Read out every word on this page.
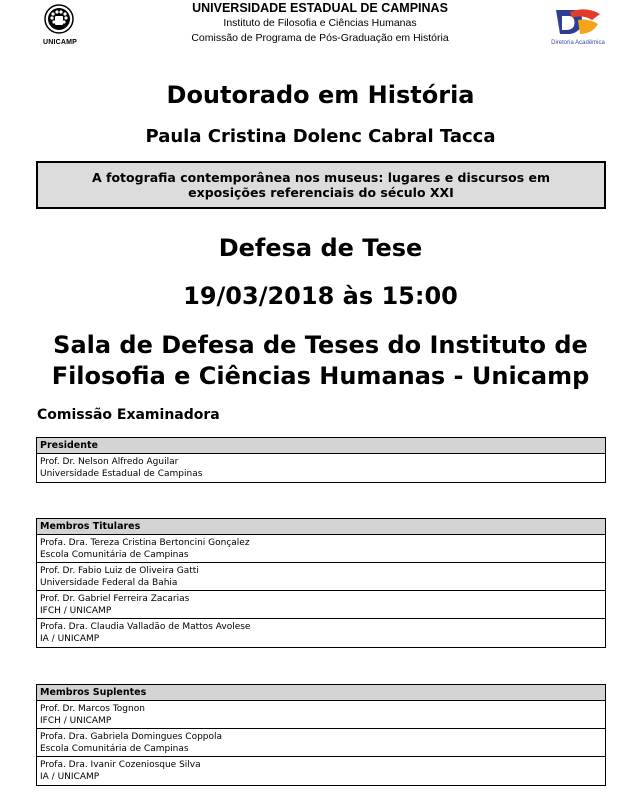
UNICAMP
UNIVERSIDADE ESTADUAL DE CAMPINAS
Instituto de Filosofia e Ciências Humanas
Comissão de Programa de Pós-Graduação em História	Diretoria Acadêmica
Doutorado em História
Paula Cristina Dolenc Cabral Tacca
A fotografia contemporânea nos museus: lugares e discursos em exposições referenciais do século XXI
Defesa de Tese
19/03/2018 às 15:00
Sala de Defesa de Teses do Instituto de Filosofia e Ciências Humanas - Unicamp
Comissão Examinadora
Presidente
Prof. Dr. Nelson Alfredo Aguilar
Universidade Estadual de Campinas
Membros Titulares
Profa. Dra. Tereza Cristina Bertoncini Gonçalez
Escola Comunitária de Campinas
Prof. Dr. Fabio Luiz de Oliveira Gatti
Universidade Federal da Bahia
Prof. Dr. Gabriel Ferreira Zacarias
IFCH / UNICAMP
Profa. Dra. Claudia Valladão de Mattos Avolese
IA / UNICAMP
Membros Suplentes
Prof. Dr. Marcos Tognon
IFCH / UNICAMP
Profa. Dra. Gabriela Domingues Coppola
Escola Comunitária de Campinas
Profa. Dra. Ivanir Cozeniosque Silva
IA / UNICAMP
